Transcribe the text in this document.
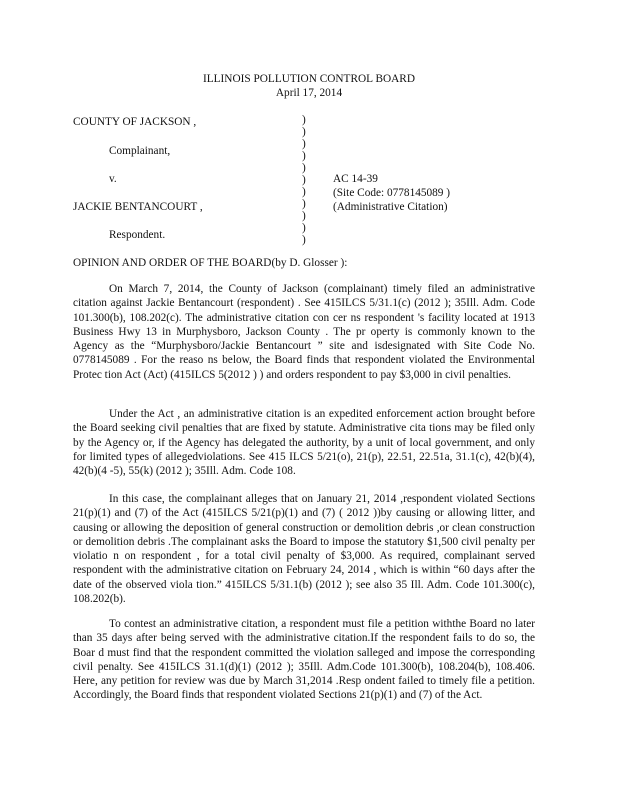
ILLINOIS POLLUTION CONTROL BOARD
April 17, 2014
COUNTY OF JACKSON ,
Complainant,
v.
JACKIE BENTANCOURT ,
Respondent.
)
)
)
)
)
)
)
)
)
)
)
AC 14-39
(Site Code: 0778145089 )
(Administrative Citation)
OPINION AND ORDER OF THE BOARD(by D. Glosser ):

On March 7, 2014, the County of Jackson (complainant) timely filed an administrative citation against Jackie Bentancourt (respondent) . See 415ILCS 5/31.1(c) (2012 ); 35Ill. Adm. Code 101.300(b), 108.202(c). The administrative citation con cer ns respondent 's facility located at 1913 Business Hwy 13 in Murphysboro, Jackson County . The pr operty is commonly known to the Agency as the “Murphysboro/Jackie Bentancourt ” site and isdesignated with Site Code No. 0778145089 . For the reaso ns below, the Board finds that respondent violated the Environmental Protec tion Act (Act) (415ILCS 5(2012 ) ) and orders respondent to pay $3,000 in civil penalties.

Under the Act , an administrative citation is an expedited enforcement action brought before the Board seeking civil penalties that are fixed by statute. Administrative cita tions may be filed only by the Agency or, if the Agency has delegated the authority, by a unit of local government, and only for limited types of allegedviolations. See 415 ILCS 5/21(o), 21(p), 22.51, 22.51a, 31.1(c), 42(b)(4), 42(b)(4 -5), 55(k) (2012 ); 35Ill. Adm. Code 108.

In this case, the complainant alleges that on January 21, 2014 ,respondent violated Sections 21(p)(1) and (7) of the Act (415ILCS 5/21(p)(1) and (7) ( 2012 ))by causing or allowing litter, and causing or allowing the deposition of general construction or demolition debris ,or clean construction or demolition debris .The complainant asks the Board to impose the statutory $1,500 civil penalty per violatio n on respondent , for a total civil penalty of $3,000. As required, complainant served respondent with the administrative citation on February 24, 2014 , which is within “60 days after the date of the observed viola tion.” 415ILCS 5/31.1(b) (2012 ); see also 35 Ill. Adm. Code 101.300(c), 108.202(b).

To contest an administrative citation, a respondent must file a petition withthe Board no later than 35 days after being served with the administrative citation.If the respondent fails to do so, the Boar d must find that the respondent committed the violation salleged and impose the corresponding civil penalty. See 415ILCS 31.1(d)(1) (2012 ); 35Ill. Adm.Code 101.300(b), 108.204(b), 108.406. Here, any petition for review was due by March 31,2014 .Resp ondent failed to timely file a petition. Accordingly, the Board finds that respondent violated Sections 21(p)(1) and (7) of the Act.
